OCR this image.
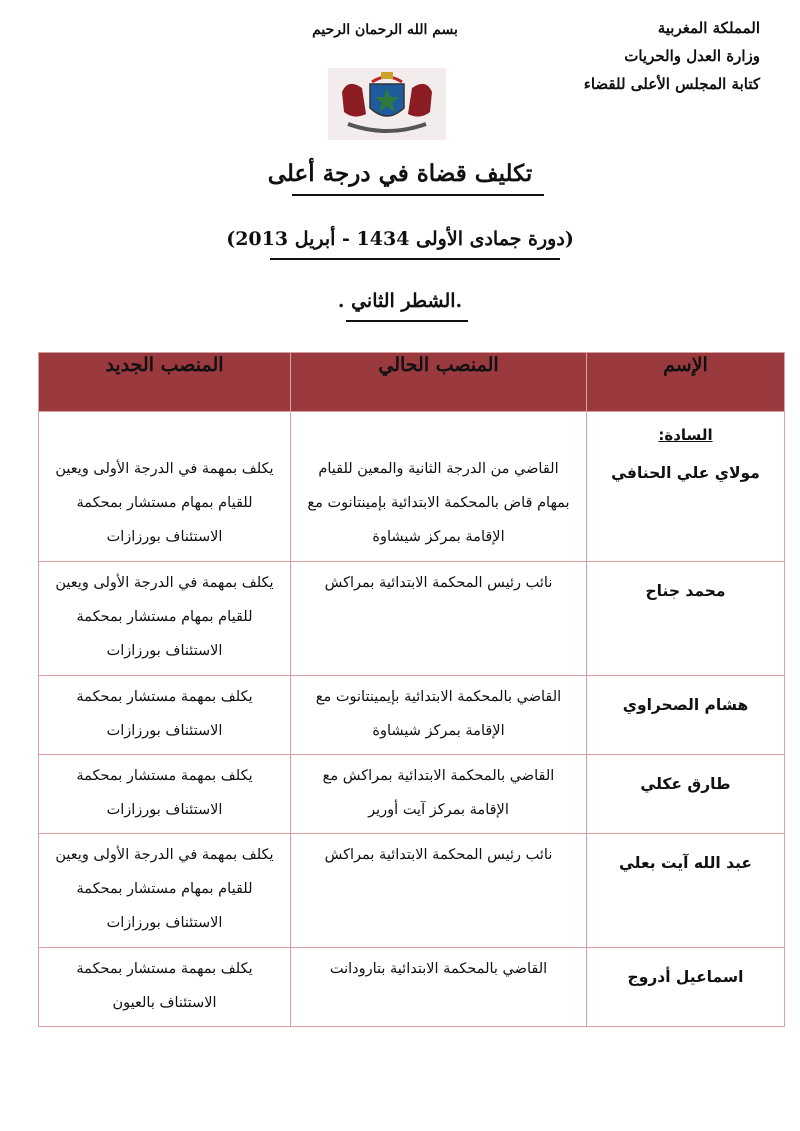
المملكة المغربية
وزارة العدل والحريات
كتابة المجلس الأعلى للقضاء
بسم الله الرحمان الرحيم
تكليف قضاة في درجة أعلى
(دورة جمادى الأولى 1434 - أبريل 2013)
.الشطر الثاني .
الإسم	المنصب الحالي	المنصب الجديد

السادة:
مولاي علي الحنافي	القاضي من الدرجة الثانية والمعين للقيام بمهام قاض بالمحكمة الابتدائية بإمينتانوت مع الإقامة بمركز شيشاوة	يكلف بمهمة في الدرجة الأولى ويعين للقيام بمهام مستشار بمحكمة الاستئناف بورزازات
محمد جناح	نائب رئيس المحكمة الابتدائية بمراكش	يكلف بمهمة في الدرجة الأولى ويعين للقيام بمهام مستشار بمحكمة الاستئناف بورزازات
هشام الصحراوي	القاضي بالمحكمة الابتدائية بإيمينتانوت مع الإقامة بمركز شيشاوة	يكلف بمهمة مستشار بمحكمة الاستئناف بورزازات
طارق عكلي	القاضي بالمحكمة الابتدائية بمراكش مع الإقامة بمركز آيت أورير	يكلف بمهمة مستشار بمحكمة الاستئناف بورزازات
عبد الله آيت بعلي	نائب رئيس المحكمة الابتدائية بمراكش	يكلف بمهمة في الدرجة الأولى ويعين للقيام بمهام مستشار بمحكمة الاستئناف بورزازات
اسماعيل أدروج	القاضي بالمحكمة الابتدائية بتارودانت	يكلف بمهمة مستشار بمحكمة الاستئناف بالعيون
